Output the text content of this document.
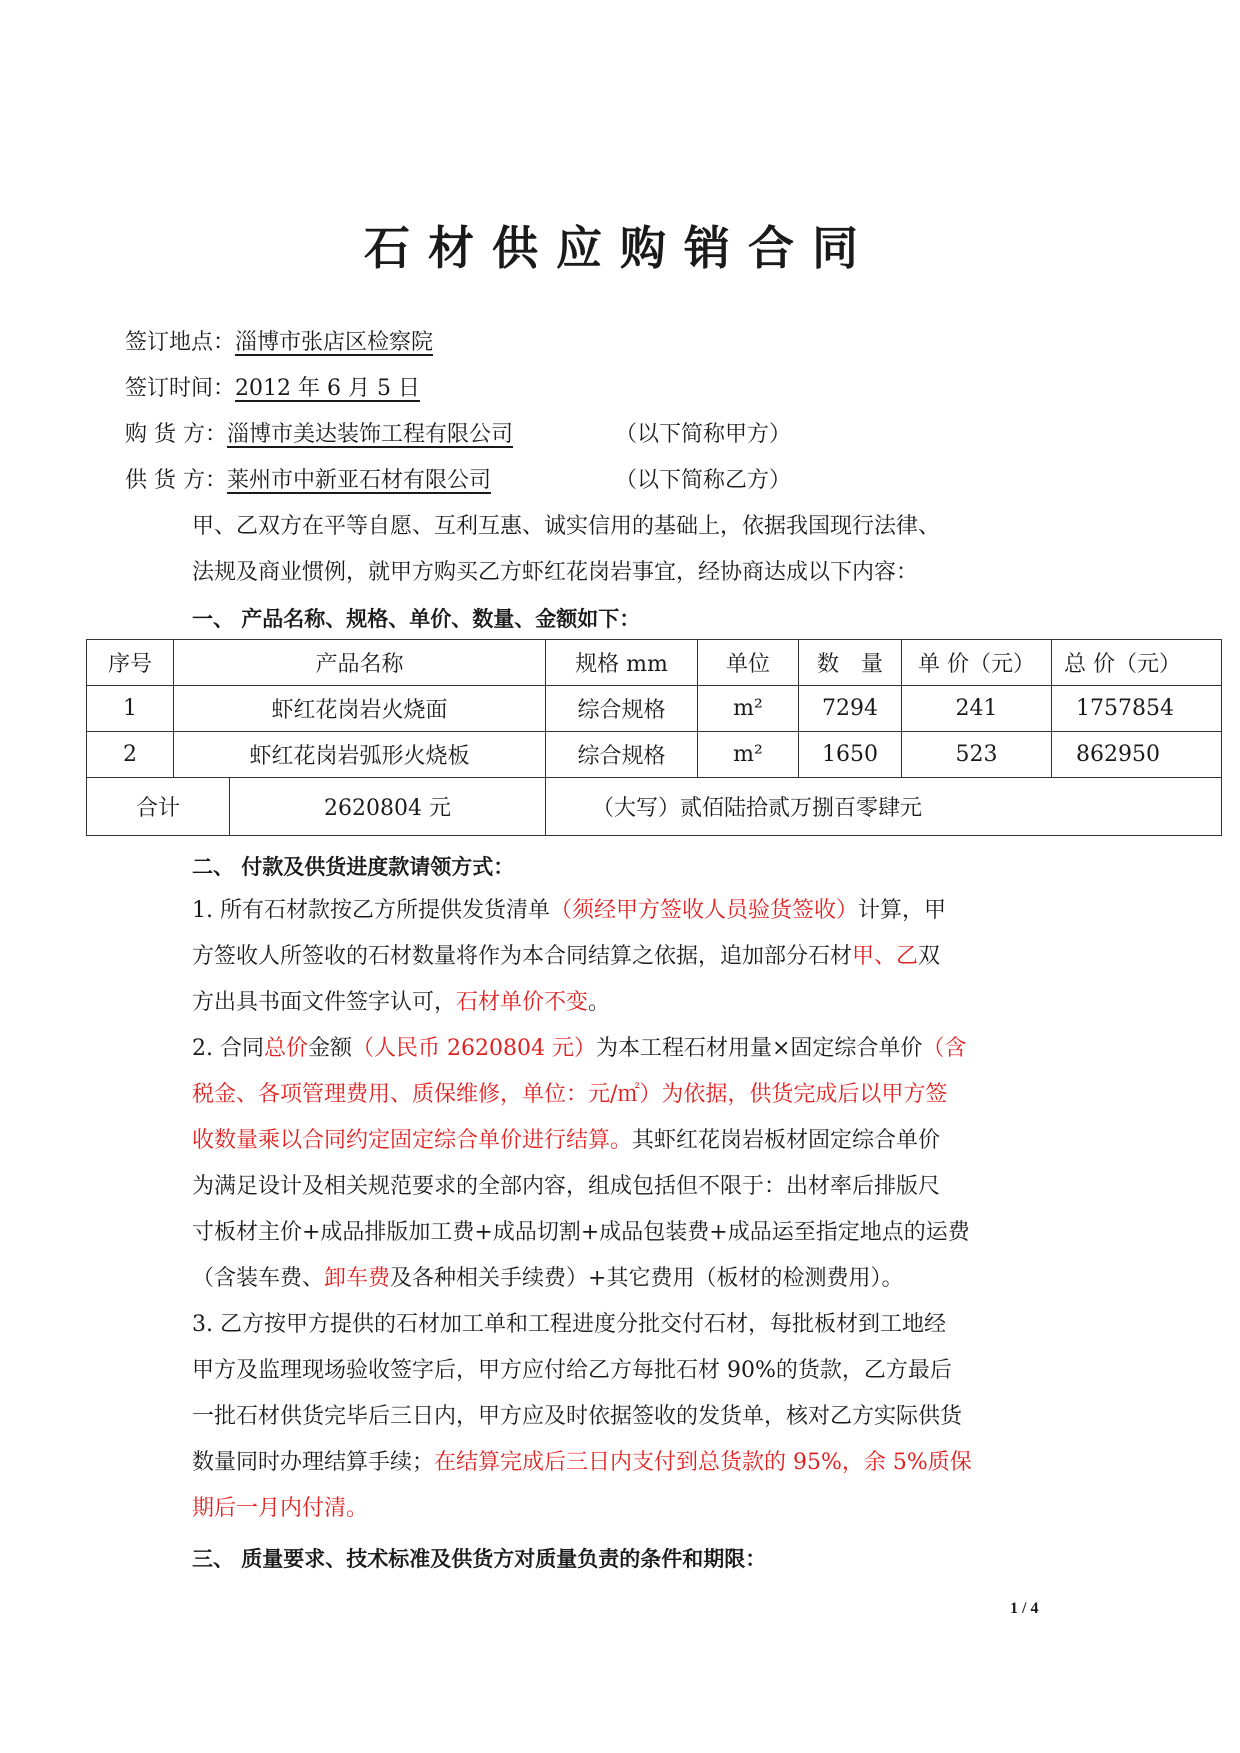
石材供应购销合同
签订地点：淄博市张店区检察院
签订时间：2012 年 6 月 5 日
购 货 方：淄博市美达装饰工程有限公司	（以下简称甲方）
供 货 方：莱州市中新亚石材有限公司	（以下简称乙方）
甲、乙双方在平等自愿、互利互惠、诚实信用的基础上，依据我国现行法律、
法规及商业惯例，就甲方购买乙方虾红花岗岩事宜，经协商达成以下内容：
一、 产品名称、规格、单价、数量、金额如下：
序号	产品名称		规格 mm	单位	数　量	单 价（元）	总 价（元）
1	虾红花岗岩火烧面		综合规格	m²	7294	241	1757854
2	虾红花岗岩弧形火烧板		综合规格	m²	1650	523	862950
合计		2620804 元	（大写）贰佰陆拾贰万捌百零肆元				
二、 付款及供货进度款请领方式：
1. 所有石材款按乙方所提供发货清单（须经甲方签收人员验货签收）计算，甲
方签收人所签收的石材数量将作为本合同结算之依据，追加部分石材甲、乙双
方出具书面文件签字认可，石材单价不变。
2. 合同总价金额（人民币 2620804 元）为本工程石材用量×固定综合单价（含
税金、各项管理费用、质保维修，单位：元/㎡）为依据，供货完成后以甲方签
收数量乘以合同约定固定综合单价进行结算。其虾红花岗岩板材固定综合单价
为满足设计及相关规范要求的全部内容，组成包括但不限于：出材率后排版尺
寸板材主价+成品排版加工费+成品切割+成品包装费+成品运至指定地点的运费
（含装车费、卸车费及各种相关手续费）+其它费用（板材的检测费用）。
3. 乙方按甲方提供的石材加工单和工程进度分批交付石材，每批板材到工地经
甲方及监理现场验收签字后，甲方应付给乙方每批石材 90%的货款，乙方最后
一批石材供货完毕后三日内，甲方应及时依据签收的发货单，核对乙方实际供货
数量同时办理结算手续；在结算完成后三日内支付到总货款的 95%，余 5%质保
期后一月内付清。
三、 质量要求、技术标准及供货方对质量负责的条件和期限：
1 / 4
